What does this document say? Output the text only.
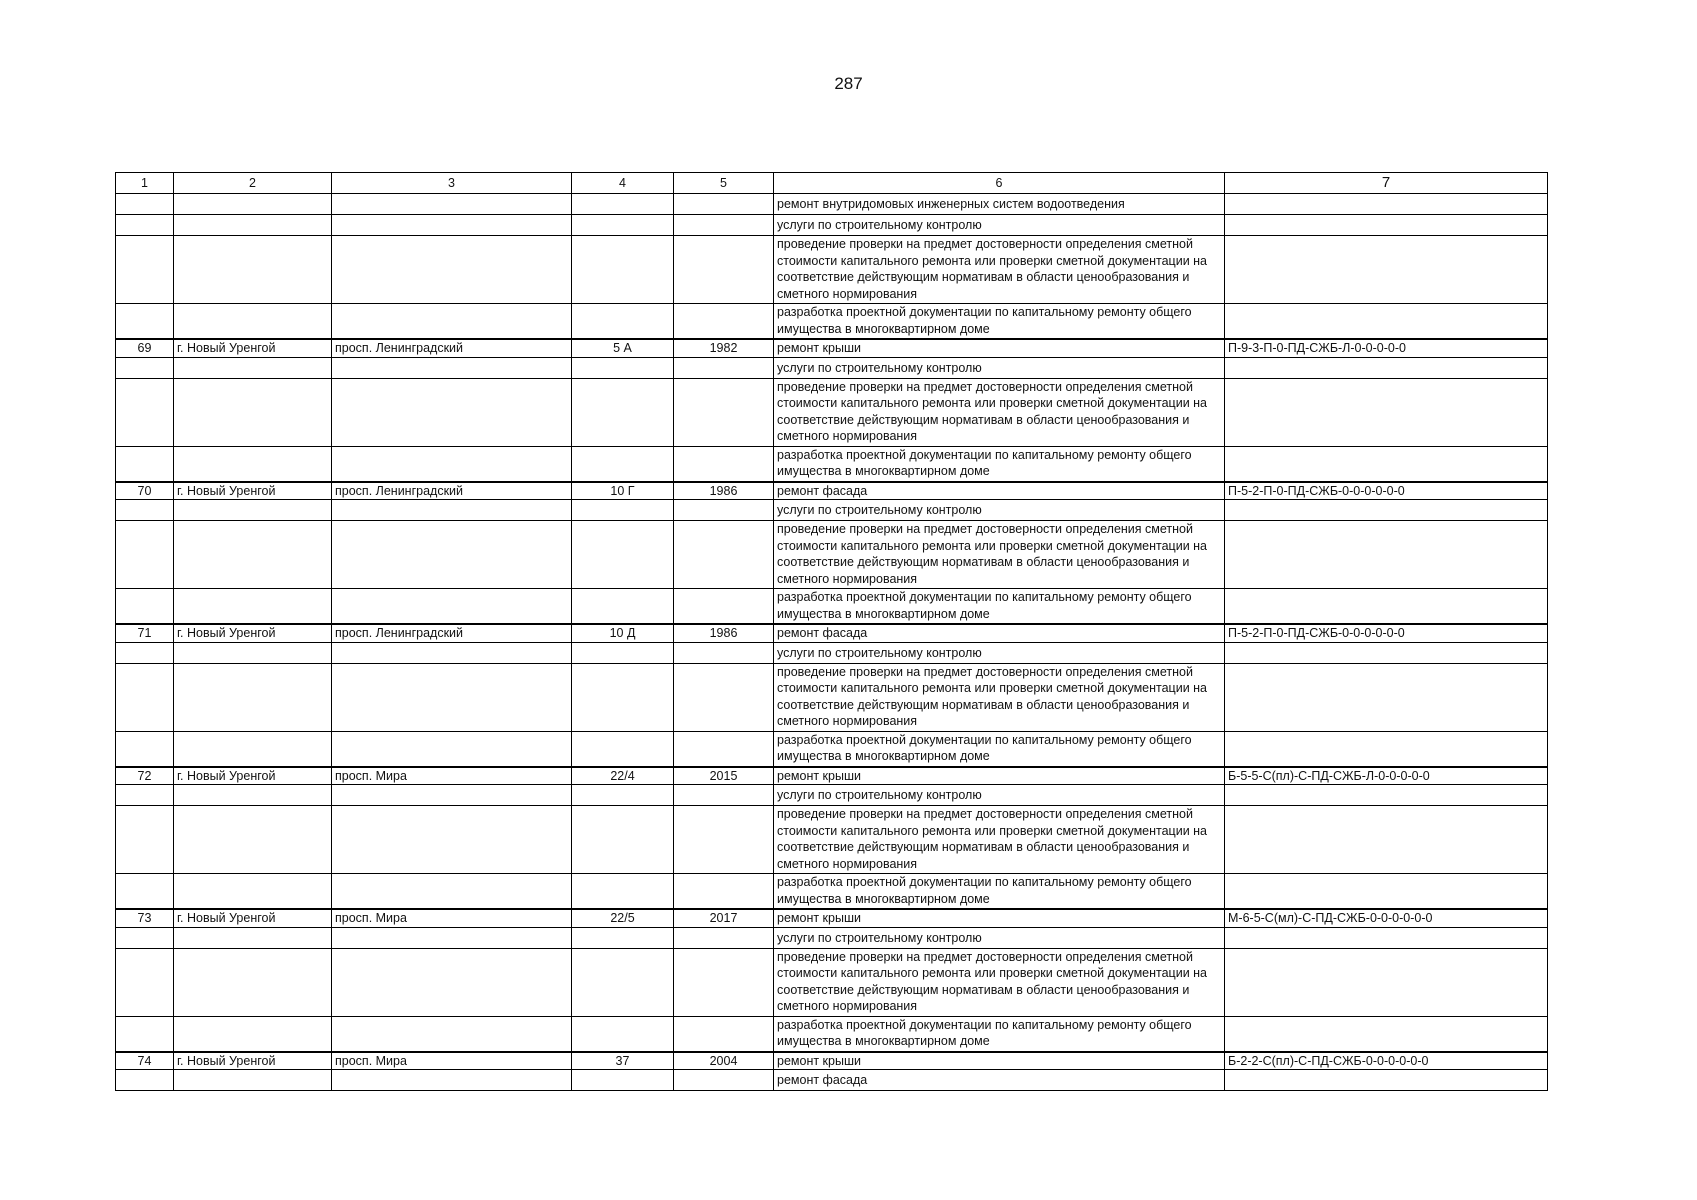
287
1	2	3	4	5	6	7
					ремонт внутридомовых инженерных систем водоотведения	
					услуги по строительному контролю	
					проведение проверки на предмет достоверности определения сметной стоимости капитального ремонта или проверки сметной документации на соответствие действующим нормативам в области ценообразования и сметного нормирования	
					разработка проектной документации по капитальному ремонту общего имущества в многоквартирном доме	
69	г. Новый Уренгой	просп. Ленинградский	5 А	1982	ремонт крыши	П-9-3-П-0-ПД-СЖБ-Л-0-0-0-0-0
					услуги по строительному контролю	
					проведение проверки на предмет достоверности определения сметной стоимости капитального ремонта или проверки сметной документации на соответствие действующим нормативам в области ценообразования и сметного нормирования	
					разработка проектной документации по капитальному ремонту общего имущества в многоквартирном доме	
70	г. Новый Уренгой	просп. Ленинградский	10 Г	1986	ремонт фасада	П-5-2-П-0-ПД-СЖБ-0-0-0-0-0-0
					услуги по строительному контролю	
					проведение проверки на предмет достоверности определения сметной стоимости капитального ремонта или проверки сметной документации на соответствие действующим нормативам в области ценообразования и сметного нормирования	
					разработка проектной документации по капитальному ремонту общего имущества в многоквартирном доме	
71	г. Новый Уренгой	просп. Ленинградский	10 Д	1986	ремонт фасада	П-5-2-П-0-ПД-СЖБ-0-0-0-0-0-0
					услуги по строительному контролю	
					проведение проверки на предмет достоверности определения сметной стоимости капитального ремонта или проверки сметной документации на соответствие действующим нормативам в области ценообразования и сметного нормирования	
					разработка проектной документации по капитальному ремонту общего имущества в многоквартирном доме	
72	г. Новый Уренгой	просп. Мира	22/4	2015	ремонт крыши	Б-5-5-С(пл)-С-ПД-СЖБ-Л-0-0-0-0-0
					услуги по строительному контролю	
					проведение проверки на предмет достоверности определения сметной стоимости капитального ремонта или проверки сметной документации на соответствие действующим нормативам в области ценообразования и сметного нормирования	
					разработка проектной документации по капитальному ремонту общего имущества в многоквартирном доме	
73	г. Новый Уренгой	просп. Мира	22/5	2017	ремонт крыши	М-6-5-С(мл)-С-ПД-СЖБ-0-0-0-0-0-0
					услуги по строительному контролю	
					проведение проверки на предмет достоверности определения сметной стоимости капитального ремонта или проверки сметной документации на соответствие действующим нормативам в области ценообразования и сметного нормирования	
					разработка проектной документации по капитальному ремонту общего имущества в многоквартирном доме	
74	г. Новый Уренгой	просп. Мира	37	2004	ремонт крыши	Б-2-2-С(пл)-С-ПД-СЖБ-0-0-0-0-0-0
					ремонт фасада	
